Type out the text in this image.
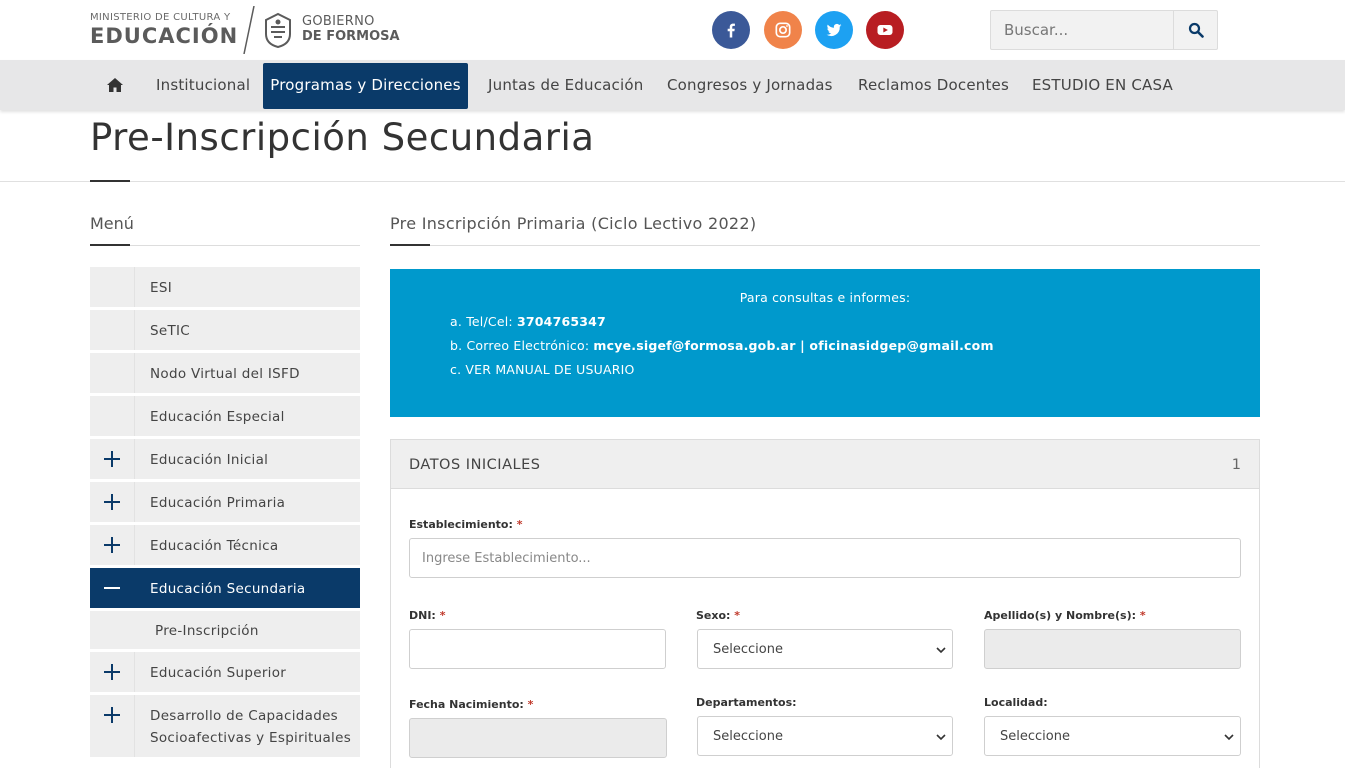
MINISTERIO DE CULTURA Y
EDUCACIÓN
GOBIERNO
DE FORMOSA
Buscar...
Institucional	Programas y Direcciones	Juntas de Educación	Congresos y Jornadas	Reclamos Docentes	ESTUDIO EN CASA
Pre-Inscripción Secundaria
Menú
ESI
SeTIC
Nodo Virtual del ISFD
Educación Especial
Educación Inicial
Educación Primaria
Educación Técnica
Educación Secundaria
Pre-Inscripción
Educación Superior
Desarrollo de Capacidades
Socioafectivas y Espirituales
Pre Inscripción Primaria (Ciclo Lectivo 2022)
Para consultas e informes:
a. Tel/Cel: 3704765347
b. Correo Electrónico: mcye.sigef@formosa.gob.ar | oficinasidgep@gmail.com
c. VER MANUAL DE USUARIO
DATOS INICIALES	1
Establecimiento: *
Ingrese Establecimiento...
DNI: *	Sexo: *
Seleccione
Apellido(s) y Nombre(s): *
Fecha Nacimiento: *	Departamentos:
Seleccione
Localidad:
Seleccione
